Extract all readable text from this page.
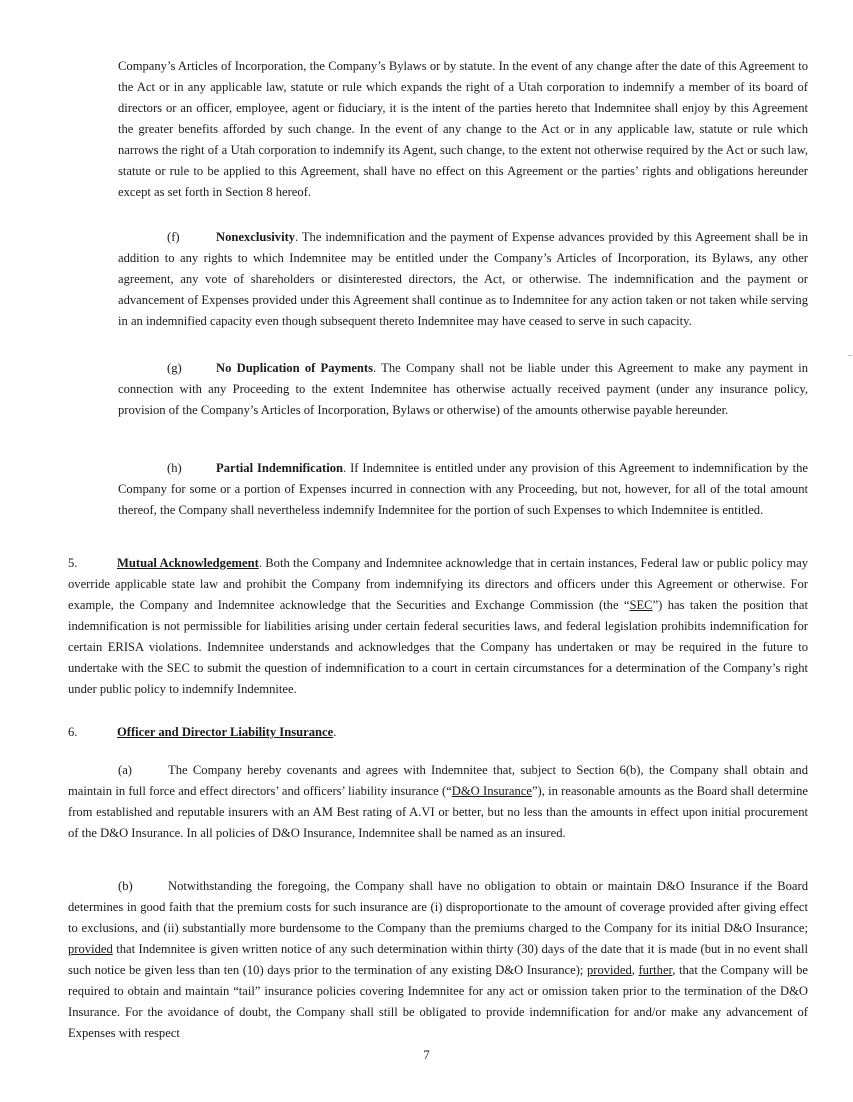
Company’s Articles of Incorporation, the Company’s Bylaws or by statute. In the event of any change after the date of this Agreement to the Act or in any applicable law, statute or rule which expands the right of a Utah corporation to indemnify a member of its board of directors or an officer, employee, agent or fiduciary, it is the intent of the parties hereto that Indemnitee shall enjoy by this Agreement the greater benefits afforded by such change. In the event of any change to the Act or in any applicable law, statute or rule which narrows the right of a Utah corporation to indemnify its Agent, such change, to the extent not otherwise required by the Act or such law, statute or rule to be applied to this Agreement, shall have no effect on this Agreement or the parties’ rights and obligations hereunder except as set forth in Section 8 hereof.

(f)	Nonexclusivity. The indemnification and the payment of Expense advances provided by this Agreement shall be in addition to any rights to which Indemnitee may be entitled under the Company’s Articles of Incorporation, its Bylaws, any other agreement, any vote of shareholders or disinterested directors, the Act, or otherwise. The indemnification and the payment or advancement of Expenses provided under this Agreement shall continue as to Indemnitee for any action taken or not taken while serving in an indemnified capacity even though subsequent thereto Indemnitee may have ceased to serve in such capacity.

(g)	No Duplication of Payments. The Company shall not be liable under this Agreement to make any payment in connection with any Proceeding to the extent Indemnitee has otherwise actually received payment (under any insurance policy, provision of the Company’s Articles of Incorporation, Bylaws or otherwise) of the amounts otherwise payable hereunder.

(h)	Partial Indemnification. If Indemnitee is entitled under any provision of this Agreement to indemnification by the Company for some or a portion of Expenses incurred in connection with any Proceeding, but not, however, for all of the total amount thereof, the Company shall nevertheless indemnify Indemnitee for the portion of such Expenses to which Indemnitee is entitled.

5.	Mutual Acknowledgement. Both the Company and Indemnitee acknowledge that in certain instances, Federal law or public policy may override applicable state law and prohibit the Company from indemnifying its directors and officers under this Agreement or otherwise. For example, the Company and Indemnitee acknowledge that the Securities and Exchange Commission (the “SEC”) has taken the position that indemnification is not permissible for liabilities arising under certain federal securities laws, and federal legislation prohibits indemnification for certain ERISA violations. Indemnitee understands and acknowledges that the Company has undertaken or may be required in the future to undertake with the SEC to submit the question of indemnification to a court in certain circumstances for a determination of the Company’s right under public policy to indemnify Indemnitee.

6.	Officer and Director Liability Insurance.

(a)	The Company hereby covenants and agrees with Indemnitee that, subject to Section 6(b), the Company shall obtain and maintain in full force and effect directors’ and officers’ liability insurance (“D&O Insurance”), in reasonable amounts as the Board shall determine from established and reputable insurers with an AM Best rating of A.VI or better, but no less than the amounts in effect upon initial procurement of the D&O Insurance. In all policies of D&O Insurance, Indemnitee shall be named as an insured.

(b)	Notwithstanding the foregoing, the Company shall have no obligation to obtain or maintain D&O Insurance if the Board determines in good faith that the premium costs for such insurance are (i) disproportionate to the amount of coverage provided after giving effect to exclusions, and (ii) substantially more burdensome to the Company than the premiums charged to the Company for its initial D&O Insurance; provided that Indemnitee is given written notice of any such determination within thirty (30) days of the date that it is made (but in no event shall such notice be given less than ten (10) days prior to the termination of any existing D&O Insurance); provided, further, that the Company will be required to obtain and maintain “tail” insurance policies covering Indemnitee for any act or omission taken prior to the termination of the D&O Insurance. For the avoidance of doubt, the Company shall still be obligated to provide indemnification for and/or make any advancement of Expenses with respect

7
